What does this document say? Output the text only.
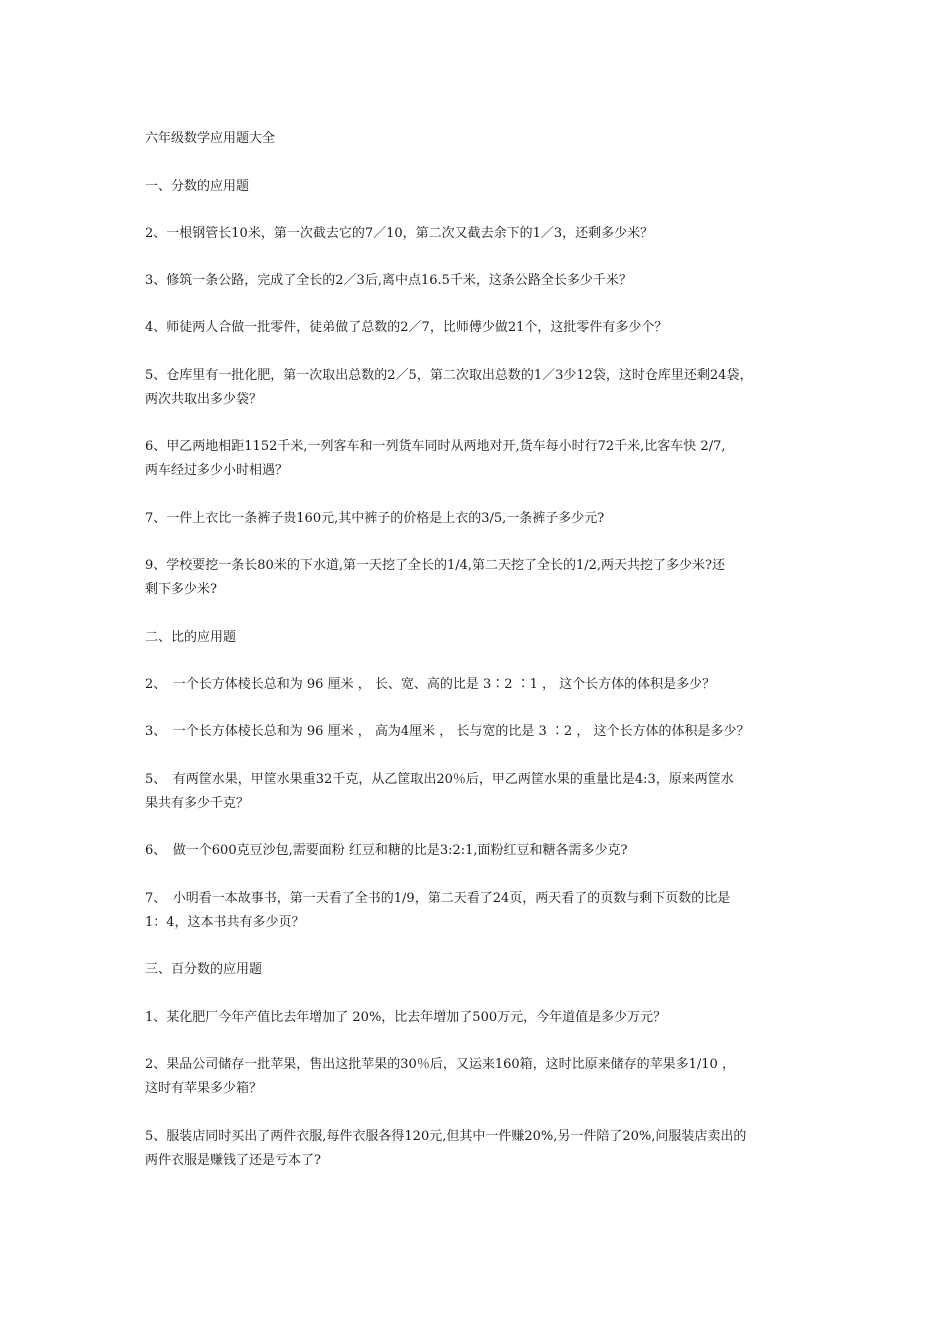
六年级数学应用题大全
一、分数的应用题
2、一根钢管长10米，第一次截去它的7／10，第二次又截去余下的1／3，还剩多少米？
3、修筑一条公路，完成了全长的2／3后,离中点16.5千米，这条公路全长多少千米？
4、师徒两人合做一批零件，徒弟做了总数的2／7，比师傅少做21个，这批零件有多少个？
5、仓库里有一批化肥，第一次取出总数的2／5，第二次取出总数的1／3少12袋，这时仓库里还剩24袋，
两次共取出多少袋？
6、甲乙两地相距1152千米,一列客车和一列货车同时从两地对开,货车每小时行72千米,比客车快 2/7,
两车经过多少小时相遇？
7、一件上衣比一条裤子贵160元,其中裤子的价格是上衣的3/5,一条裤子多少元?
9、学校要挖一条长80米的下水道,第一天挖了全长的1/4,第二天挖了全长的1/2,两天共挖了多少米?还
剩下多少米?
二、比的应用题
2、　一个长方体棱长总和为 96 厘米 ， 长、宽、高的比是 3∶2 ∶1 ， 这个长方体的体积是多少？
3、　一个长方体棱长总和为 96 厘米 ， 高为4厘米 ， 长与宽的比是 3 ∶2 ， 这个长方体的体积是多少？
5、　有两筐水果，甲筐水果重32千克，从乙筐取出20％后，甲乙两筐水果的重量比是4:3，原来两筐水
果共有多少千克？
6、　做一个600克豆沙包,需要面粉 红豆和糖的比是3:2:1,面粉红豆和糖各需多少克?
7、　小明看一本故事书，第一天看了全书的1/9，第二天看了24页，两天看了的页数与剩下页数的比是
1：4，这本书共有多少页？
三、百分数的应用题
1、某化肥厂今年产值比去年增加了 20%，比去年增加了500万元，今年道值是多少万元？
2、果品公司储存一批苹果，售出这批苹果的30％后，又运来160箱，这时比原来储存的苹果多1/10 ，
这时有苹果多少箱？
5、服装店同时买出了两件衣服,每件衣服各得120元,但其中一件赚20%,另一件陪了20%,问服装店卖出的
两件衣服是赚钱了还是亏本了?
